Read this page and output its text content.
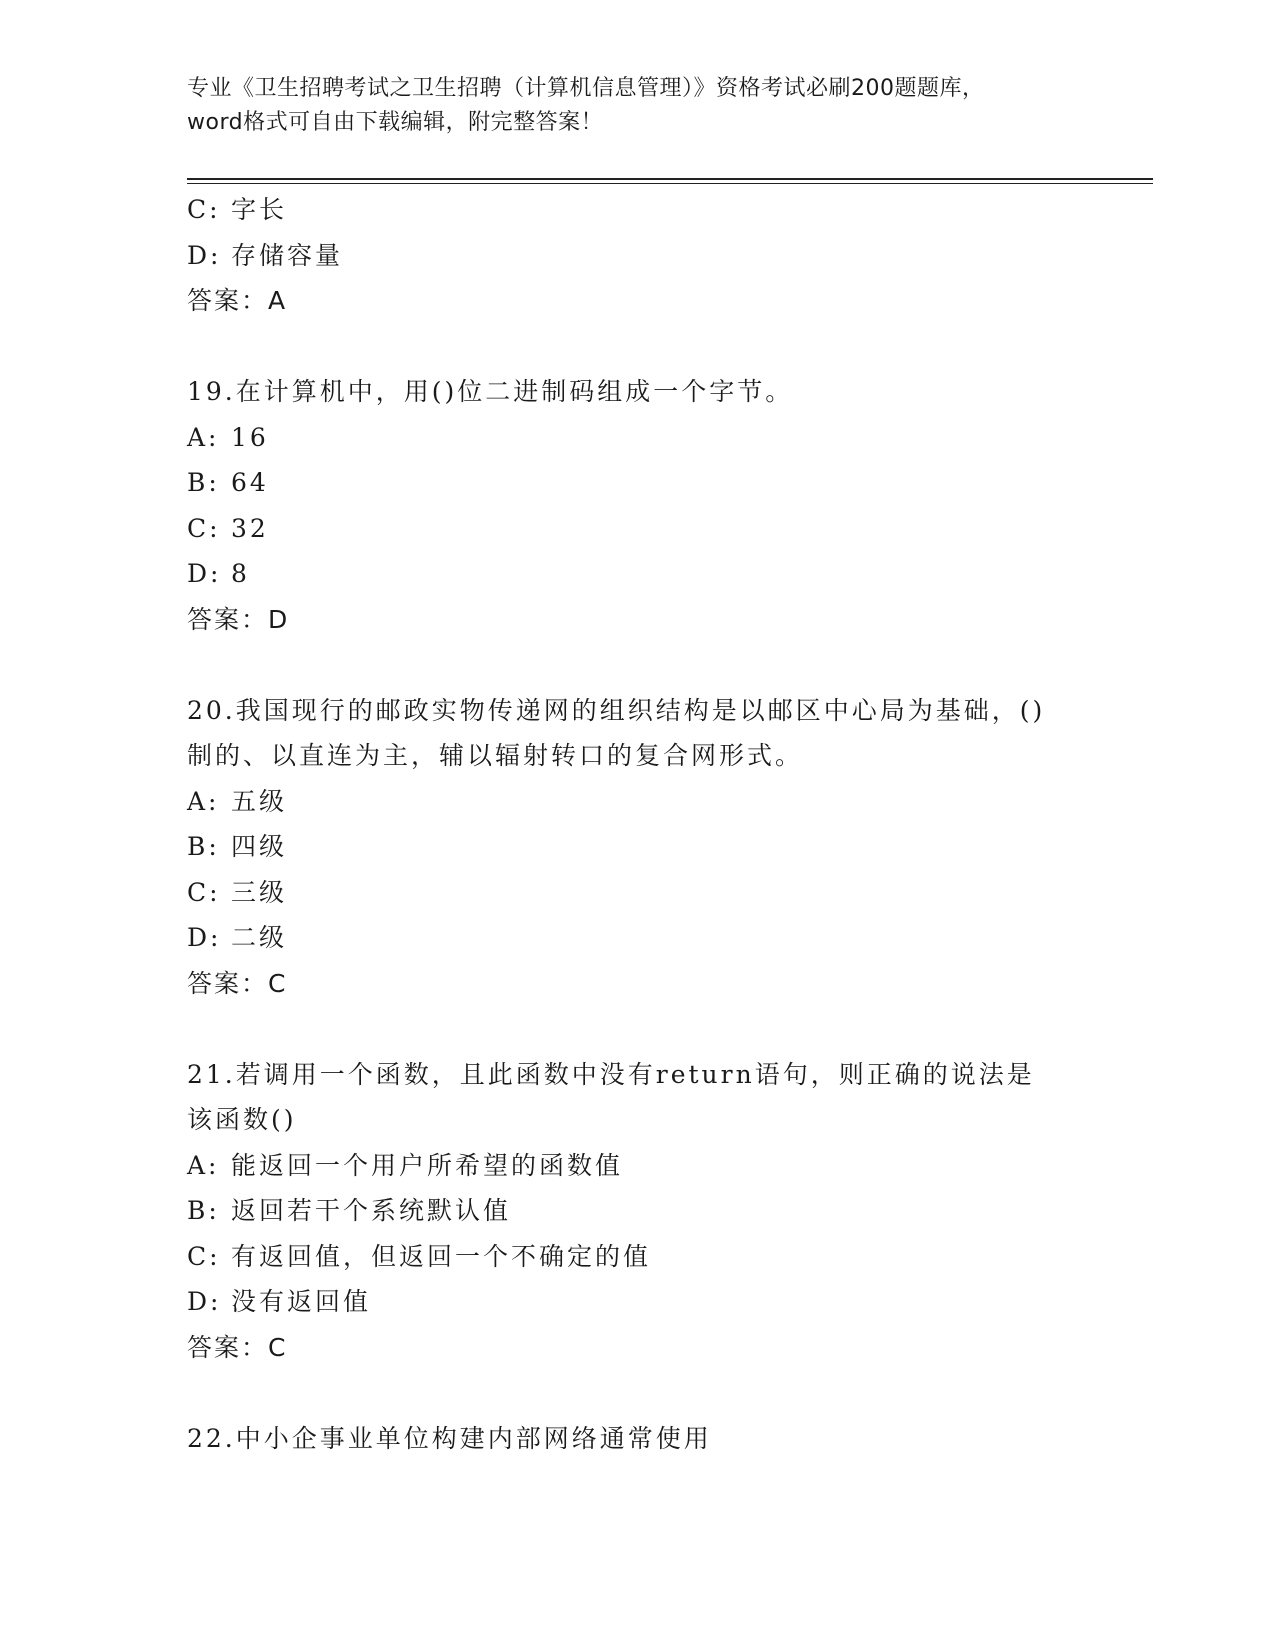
专业《卫生招聘考试之卫生招聘（计算机信息管理）》资格考试必刷200题题库，
word格式可自由下载编辑，附完整答案！

C: 字长

D: 存储容量

答案：A

19.在计算机中，用()位二进制码组成一个字节。

A: 16

B: 64

C: 32

D: 8

答案：D

20.我国现行的邮政实物传递网的组织结构是以邮区中心局为基础，()

制的、以直连为主，辅以辐射转口的复合网形式。

A: 五级

B: 四级

C: 三级

D: 二级

答案：C

21.若调用一个函数，且此函数中没有return语句，则正确的说法是

该函数()

A: 能返回一个用户所希望的函数值

B: 返回若干个系统默认值

C: 有返回值，但返回一个不确定的值

D: 没有返回值

答案：C

22.中小企事业单位构建内部网络通常使用
